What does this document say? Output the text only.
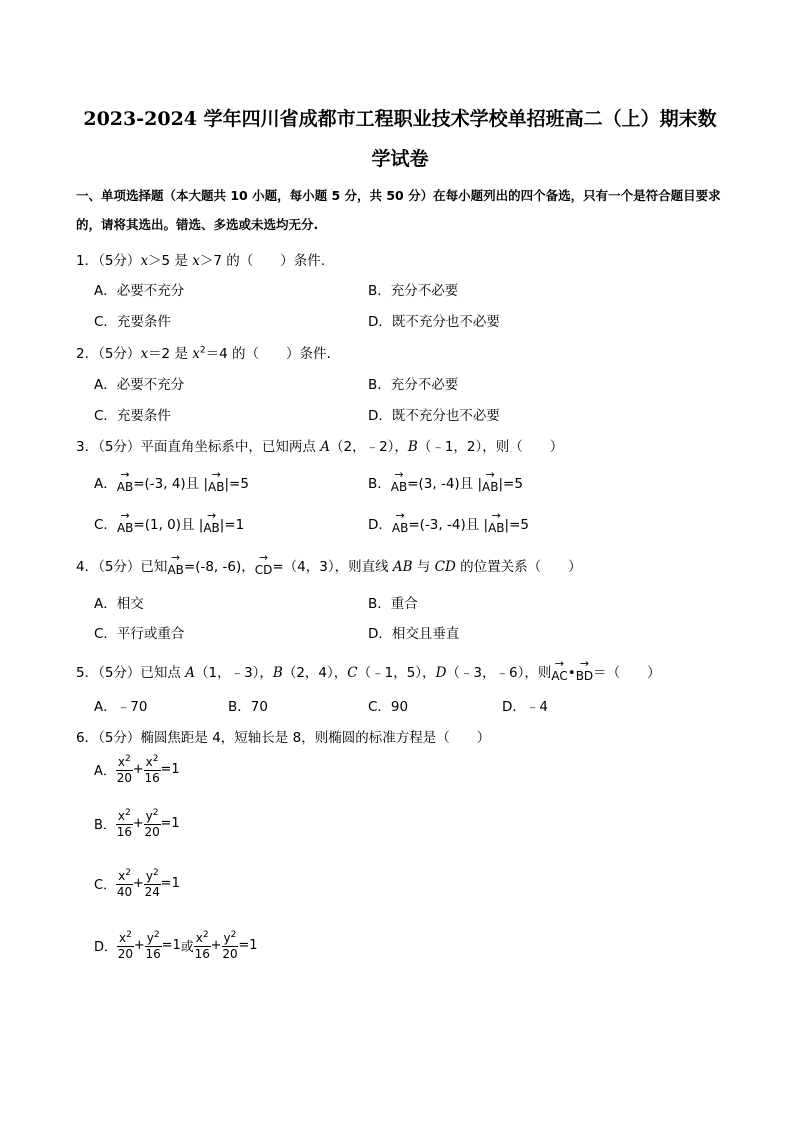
2023-2024 学年四川省成都市工程职业技术学校单招班高二（上）期末数
学试卷
一、单项选择题（本大题共 10 小题，每小题 5 分，共 50 分）在每小题列出的四个备选，只有一个是符合题目要求的，请将其选出。错选、多选或未选均无分.
1．（5分）x＞5 是 x＞7 的（　　）条件.
A．必要不充分	B．充分不必要
C．充要条件	D．既不充分也不必要
2．（5分）x＝2 是 $x^2=4$ 的（　　）条件.
A．必要不充分	B．充分不必要
C．充要条件	D．既不充分也不必要
3．（5分）平面直角坐标系中，已知两点 A（2，﹣2），B（﹣1，2），则（　　）
A．→ AB=(-3, 4)且 |→ AB|=5	B．→ AB=(3, -4)且 |→ AB|=5
C．→ AB=(1, 0)且 |→ AB|=1	D．→ AB=(-3, -4)且 |→ AB|=5
4．（5分）已知→ AB=(-8, -6)，→ CD=（4，3），则直线 AB 与 CD 的位置关系（　　）
A．相交	B．重合
C．平行或重合	D．相交且垂直
5．（5分）已知点 A（1，﹣3），B（2，4），C（﹣1，5），D（﹣3，﹣6），则→ AC•→ BD＝（　　）
A．﹣70	B．70	C．90	D．﹣4
6．（5分）椭圆焦距是 4，短轴长是 8，则椭圆的标准方程是（　　）
A． $\frac{x^2}{20} + \frac{x^2}{16} =1$
B． $\frac{x^2}{16} + \frac{y^2}{20} =1$
C． $\frac{x^2}{40} + \frac{y^2}{24} =1$
D． $\frac{x^2}{20} + \frac{y^2}{16} =1$ 或 $\frac{x^2}{16} + \frac{y^2}{20} =1$
